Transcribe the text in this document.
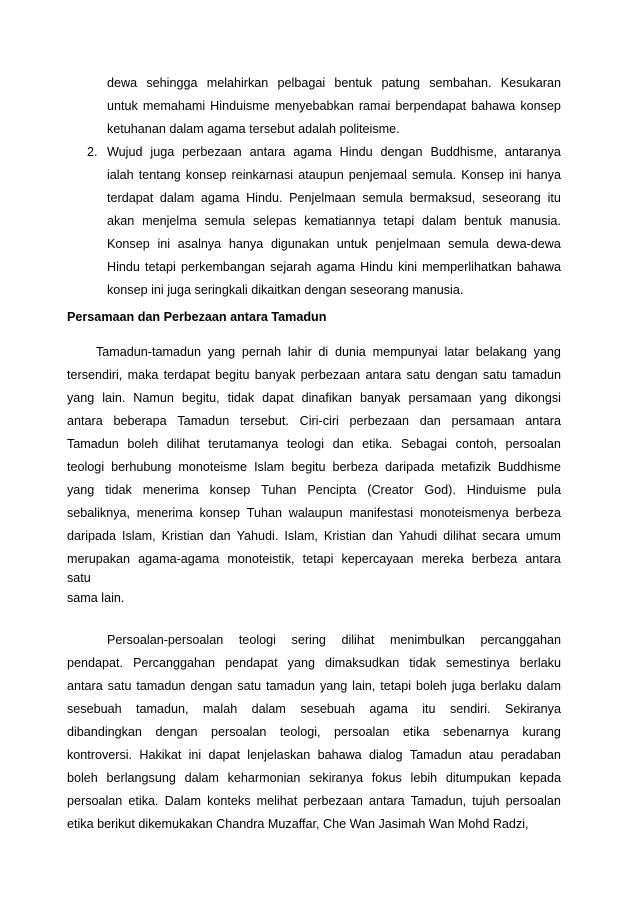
dewa sehingga melahirkan pelbagai bentuk patung sembahan. Kesukaran
untuk memahami Hinduisme menyebabkan ramai berpendapat bahawa konsep
ketuhanan dalam agama tersebut adalah politeisme.
2. Wujud juga perbezaan antara agama Hindu dengan Buddhisme, antaranya
ialah tentang konsep reinkarnasi ataupun penjemaal semula. Konsep ini hanya
terdapat dalam agama Hindu. Penjelmaan semula bermaksud, seseorang itu
akan menjelma semula selepas kematiannya tetapi dalam bentuk manusia.
Konsep ini asalnya hanya digunakan untuk penjelmaan semula dewa-dewa
Hindu tetapi perkembangan sejarah agama Hindu kini memperlihatkan bahawa
konsep ini juga seringkali dikaitkan dengan seseorang manusia.
Persamaan dan Perbezaan antara Tamadun
Tamadun-tamadun yang pernah lahir di dunia mempunyai latar belakang yang
tersendiri, maka terdapat begitu banyak perbezaan antara satu dengan satu tamadun
yang lain. Namun begitu, tidak dapat dinafikan banyak persamaan yang dikongsi
antara beberapa Tamadun tersebut. Ciri-ciri perbezaan dan persamaan antara
Tamadun boleh dilihat terutamanya teologi dan etika. Sebagai contoh, persoalan
teologi berhubung monoteisme Islam begitu berbeza daripada metafizik Buddhisme
yang tidak menerima konsep Tuhan Pencipta (Creator God). Hinduisme pula
sebaliknya, menerima konsep Tuhan walaupun manifestasi monoteismenya berbeza
daripada Islam, Kristian dan Yahudi. Islam, Kristian dan Yahudi dilihat secara umum
merupakan agama-agama monoteistik, tetapi kepercayaan mereka berbeza antara
satu
sama lain.
Persoalan-persoalan teologi sering dilihat menimbulkan percanggahan
pendapat. Percanggahan pendapat yang dimaksudkan tidak semestinya berlaku
antara satu tamadun dengan satu tamadun yang lain, tetapi boleh juga berlaku dalam
sesebuah tamadun, malah dalam sesebuah agama itu sendiri. Sekiranya
dibandingkan dengan persoalan teologi, persoalan etika sebenarnya kurang
kontroversi. Hakikat ini dapat lenjelaskan bahawa dialog Tamadun atau peradaban
boleh berlangsung dalam keharmonian sekiranya fokus lebih ditumpukan kepada
persoalan etika. Dalam konteks melihat perbezaan antara Tamadun, tujuh persoalan
etika berikut dikemukakan Chandra Muzaffar, Che Wan Jasimah Wan Mohd Radzi,
